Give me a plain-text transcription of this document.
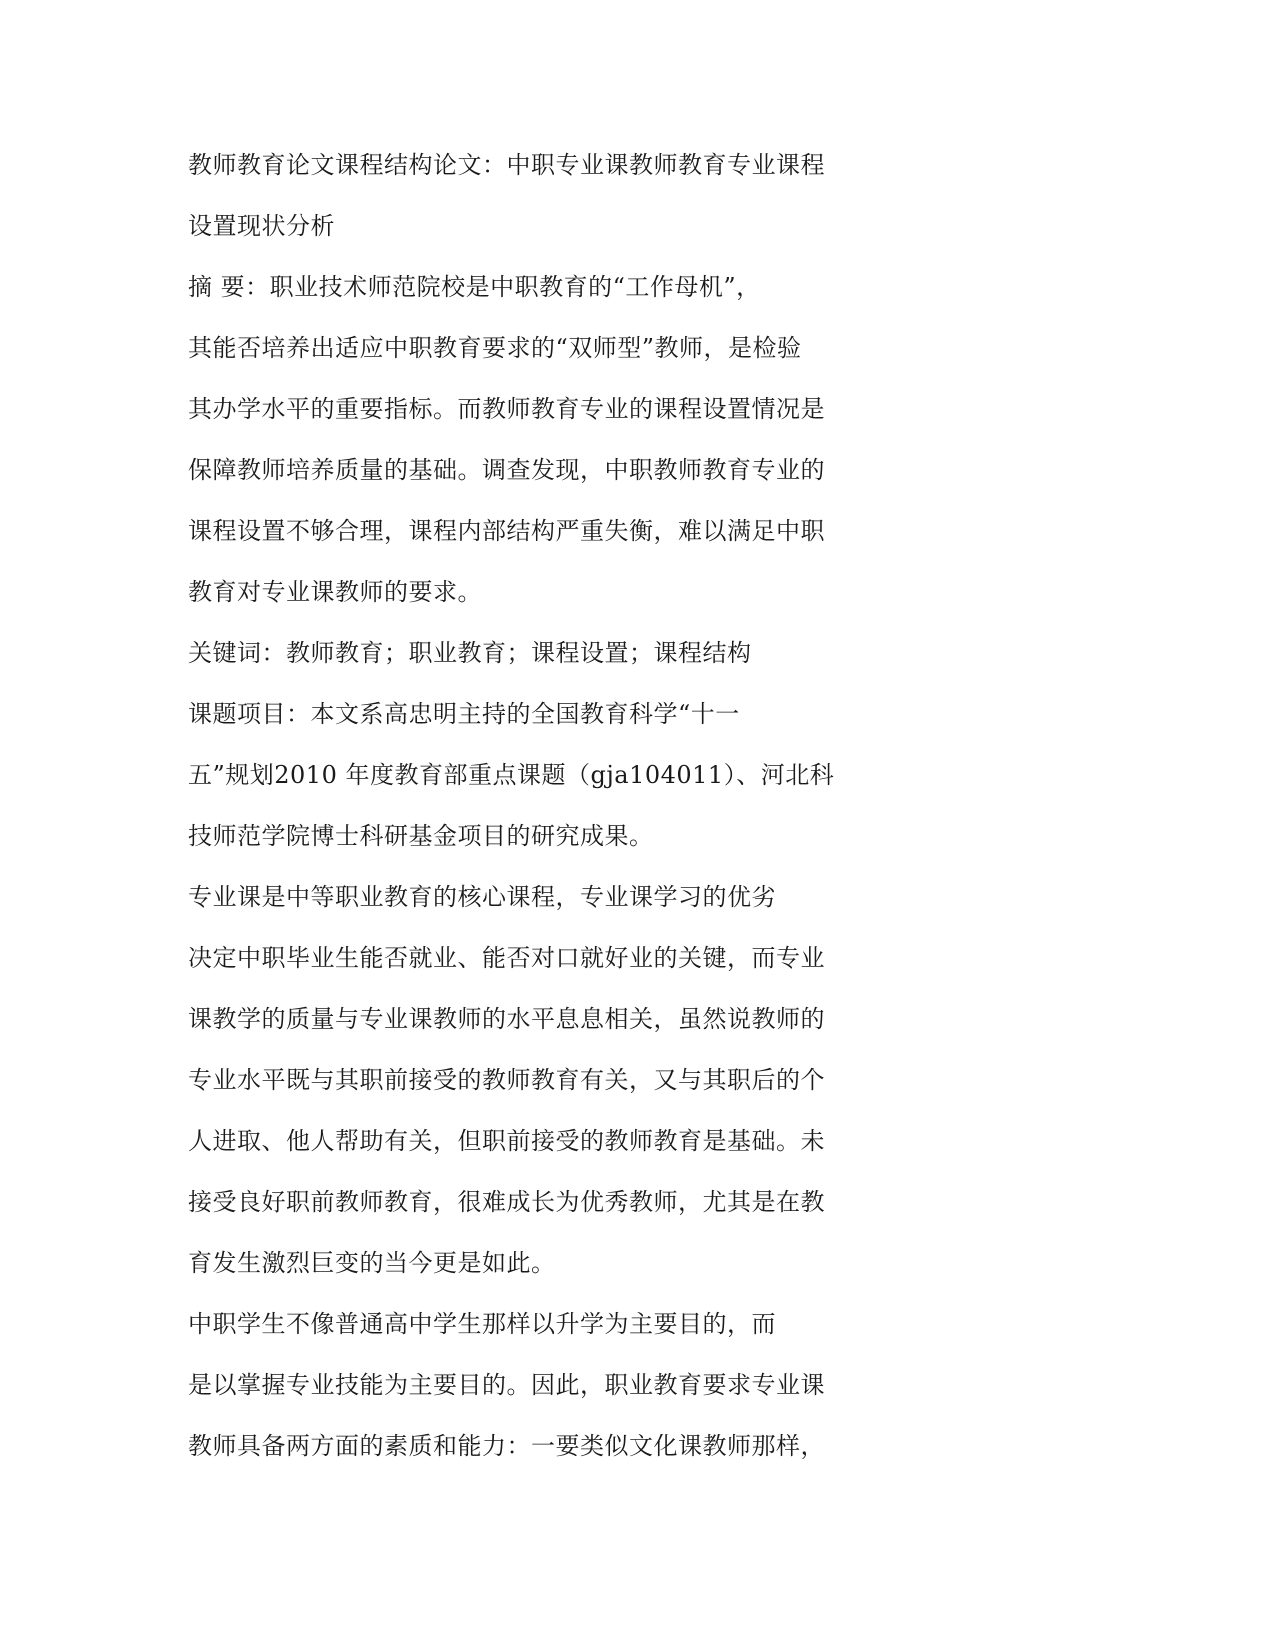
教师教育论文课程结构论文：中职专业课教师教育专业课程
设置现状分析
摘 要：职业技术师范院校是中职教育的“工作母机”，
其能否培养出适应中职教育要求的“双师型”教师，是检验
其办学水平的重要指标。而教师教育专业的课程设置情况是
保障教师培养质量的基础。调查发现，中职教师教育专业的
课程设置不够合理，课程内部结构严重失衡，难以满足中职
教育对专业课教师的要求。
关键词：教师教育；职业教育；课程设置；课程结构
课题项目：本文系高忠明主持的全国教育科学“十一
五”规划2010 年度教育部重点课题（gja104011）、河北科
技师范学院博士科研基金项目的研究成果。
专业课是中等职业教育的核心课程，专业课学习的优劣
决定中职毕业生能否就业、能否对口就好业的关键，而专业
课教学的质量与专业课教师的水平息息相关，虽然说教师的
专业水平既与其职前接受的教师教育有关，又与其职后的个
人进取、他人帮助有关，但职前接受的教师教育是基础。未
接受良好职前教师教育，很难成长为优秀教师，尤其是在教
育发生激烈巨变的当今更是如此。
中职学生不像普通高中学生那样以升学为主要目的，而
是以掌握专业技能为主要目的。因此，职业教育要求专业课
教师具备两方面的素质和能力：一要类似文化课教师那样，
